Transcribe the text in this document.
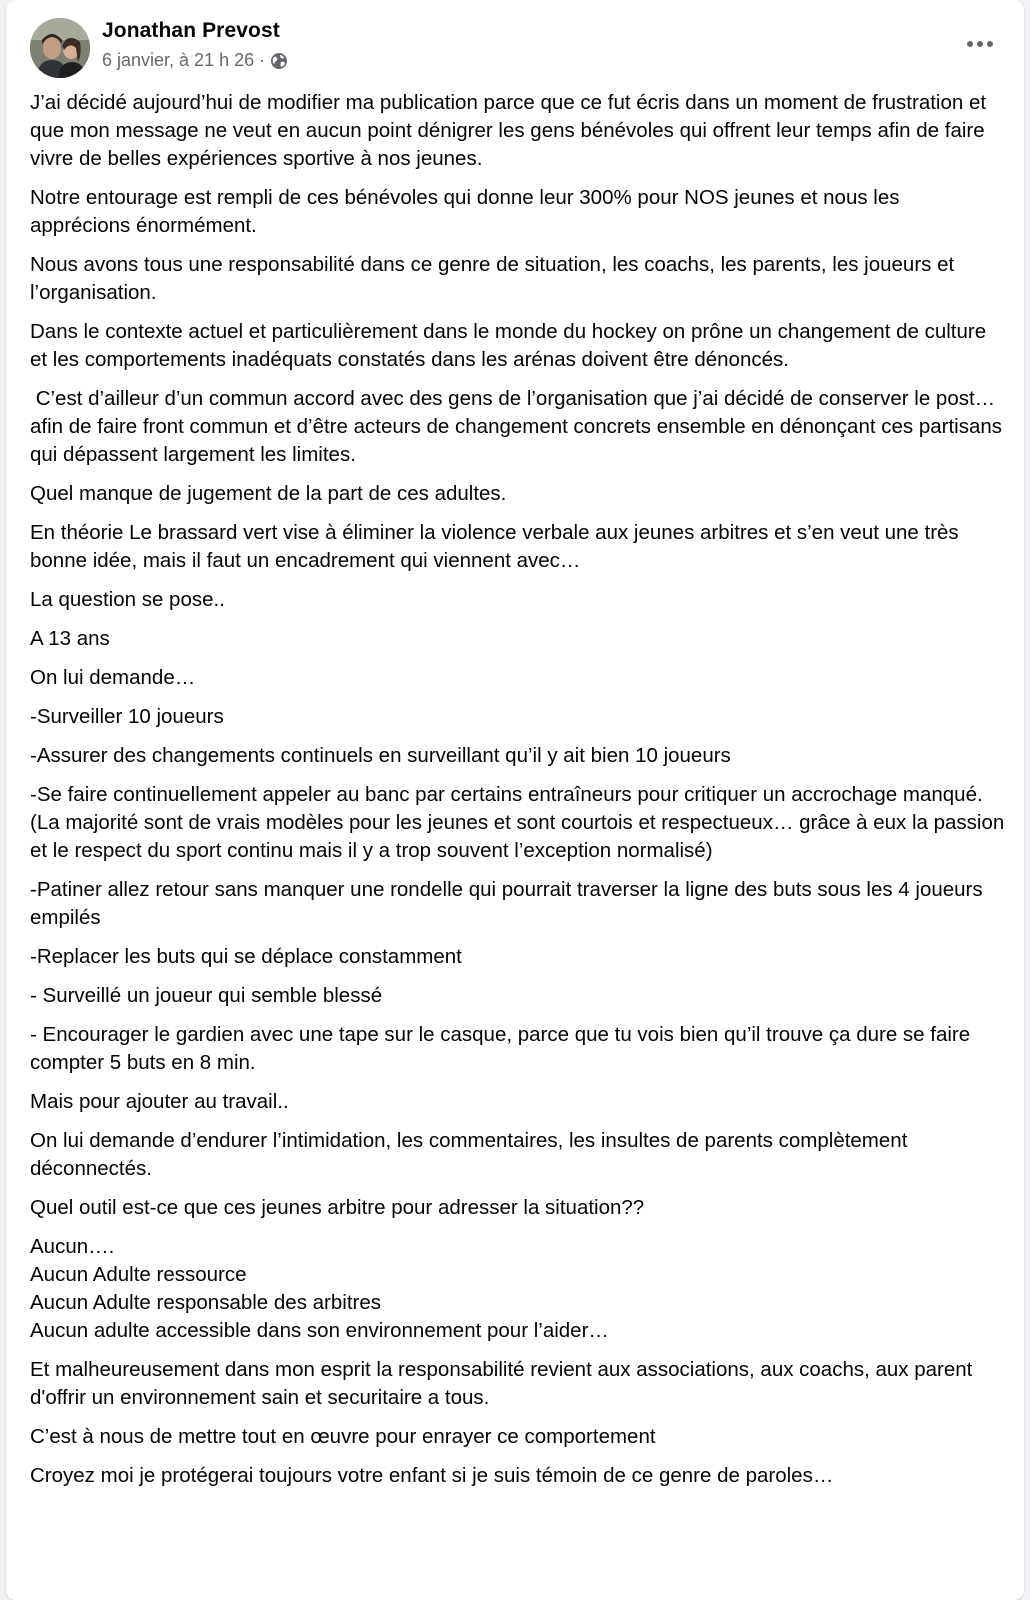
Jonathan Prevost
6 janvier, à 21 h 26 ·

J’ai décidé aujourd’hui de modifier ma publication parce que ce fut écris dans un moment de frustration et que mon message ne veut en aucun point dénigrer les gens bénévoles qui offrent leur temps afin de faire vivre de belles expériences sportive à nos jeunes.

Notre entourage est rempli de ces bénévoles qui donne leur 300% pour NOS jeunes et nous les apprécions énormément.

Nous avons tous une responsabilité dans ce genre de situation, les coachs, les parents, les joueurs et l’organisation.

Dans le contexte actuel et particulièrement dans le monde du hockey on prône un changement de culture et les comportements inadéquats constatés dans les arénas doivent être dénoncés.

C’est d’ailleur d’un commun accord avec des gens de l’organisation que j’ai décidé de conserver le post…afin de faire front commun et d’être acteurs de changement concrets ensemble en dénonçant ces partisans qui dépassent largement les limites.

Quel manque de jugement de la part de ces adultes.

En théorie Le brassard vert vise à éliminer la violence verbale aux jeunes arbitres et s’en veut une très bonne idée, mais il faut un encadrement qui viennent avec…

La question se pose..

A 13 ans

On lui demande…

-Surveiller 10 joueurs

-Assurer des changements continuels en surveillant qu’il y ait bien 10 joueurs

-Se faire continuellement appeler au banc par certains entraîneurs pour critiquer un accrochage manqué. (La majorité sont de vrais modèles pour les jeunes et sont courtois et respectueux… grâce à eux la passion et le respect du sport continu mais il y a trop souvent l’exception normalisé)

-Patiner allez retour sans manquer une rondelle qui pourrait traverser la ligne des buts sous les 4 joueurs empilés

-Replacer les buts qui se déplace constamment

- Surveillé un joueur qui semble blessé

- Encourager le gardien avec une tape sur le casque, parce que tu vois bien qu’il trouve ça dure se faire compter 5 buts en 8 min.

Mais pour ajouter au travail..

On lui demande d’endurer l’intimidation, les commentaires, les insultes de parents complètement déconnectés.

Quel outil est-ce que ces jeunes arbitre pour adresser la situation??

Aucun….
Aucun Adulte ressource
Aucun Adulte responsable des arbitres
Aucun adulte accessible dans son environnement pour l’aider…

Et malheureusement dans mon esprit la responsabilité revient aux associations, aux coachs, aux parent d'offrir un environnement sain et securitaire a tous.

C’est à nous de mettre tout en œuvre pour enrayer ce comportement

Croyez moi je protégerai toujours votre enfant si je suis témoin de ce genre de paroles…
